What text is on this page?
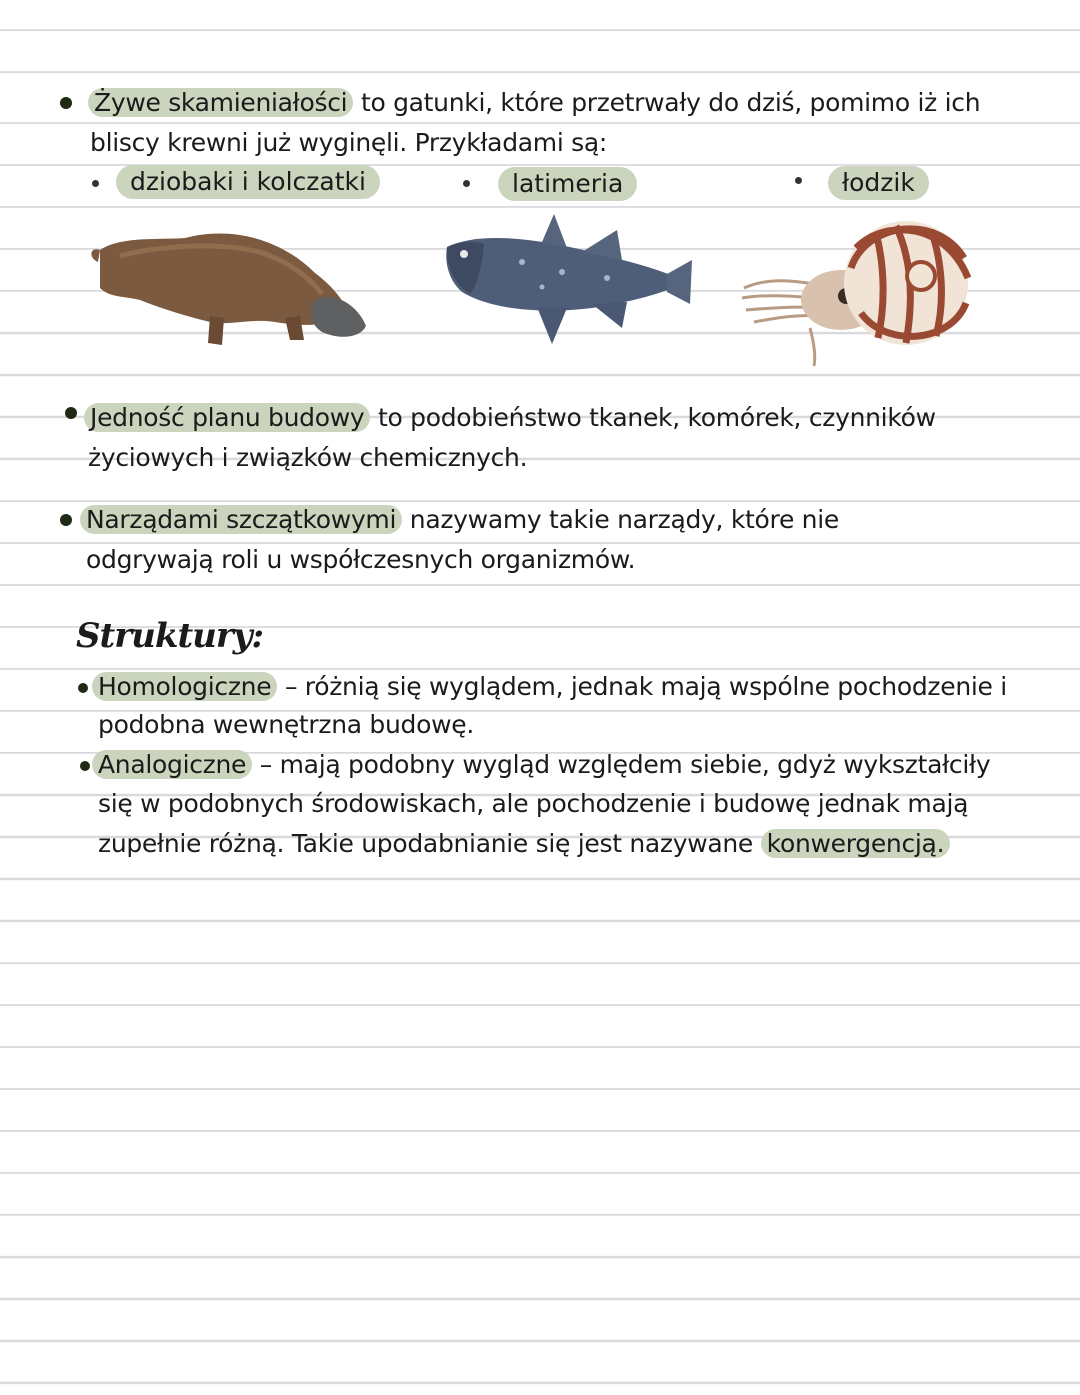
Żywe skamieniałości to gatunki, które przetrwały do dziś, pomimo iż ich
bliscy krewni już wyginęli. Przykładami są:
dziobaki i kolczatki	latimeria	łodzik
Jedność planu budowy to podobieństwo tkanek, komórek, czynników
życiowych i związków chemicznych.
Narządami szczątkowymi nazywamy takie narządy, które nie
odgrywają roli u współczesnych organizmów.
Struktury:
Homologiczne – różnią się wyglądem, jednak mają wspólne pochodzenie i
podobna wewnętrzna budowę.
Analogiczne – mają podobny wygląd względem siebie, gdyż wykształciły
się w podobnych środowiskach, ale pochodzenie i budowę jednak mają
zupełnie różną. Takie upodabnianie się jest nazywane konwergencją.
